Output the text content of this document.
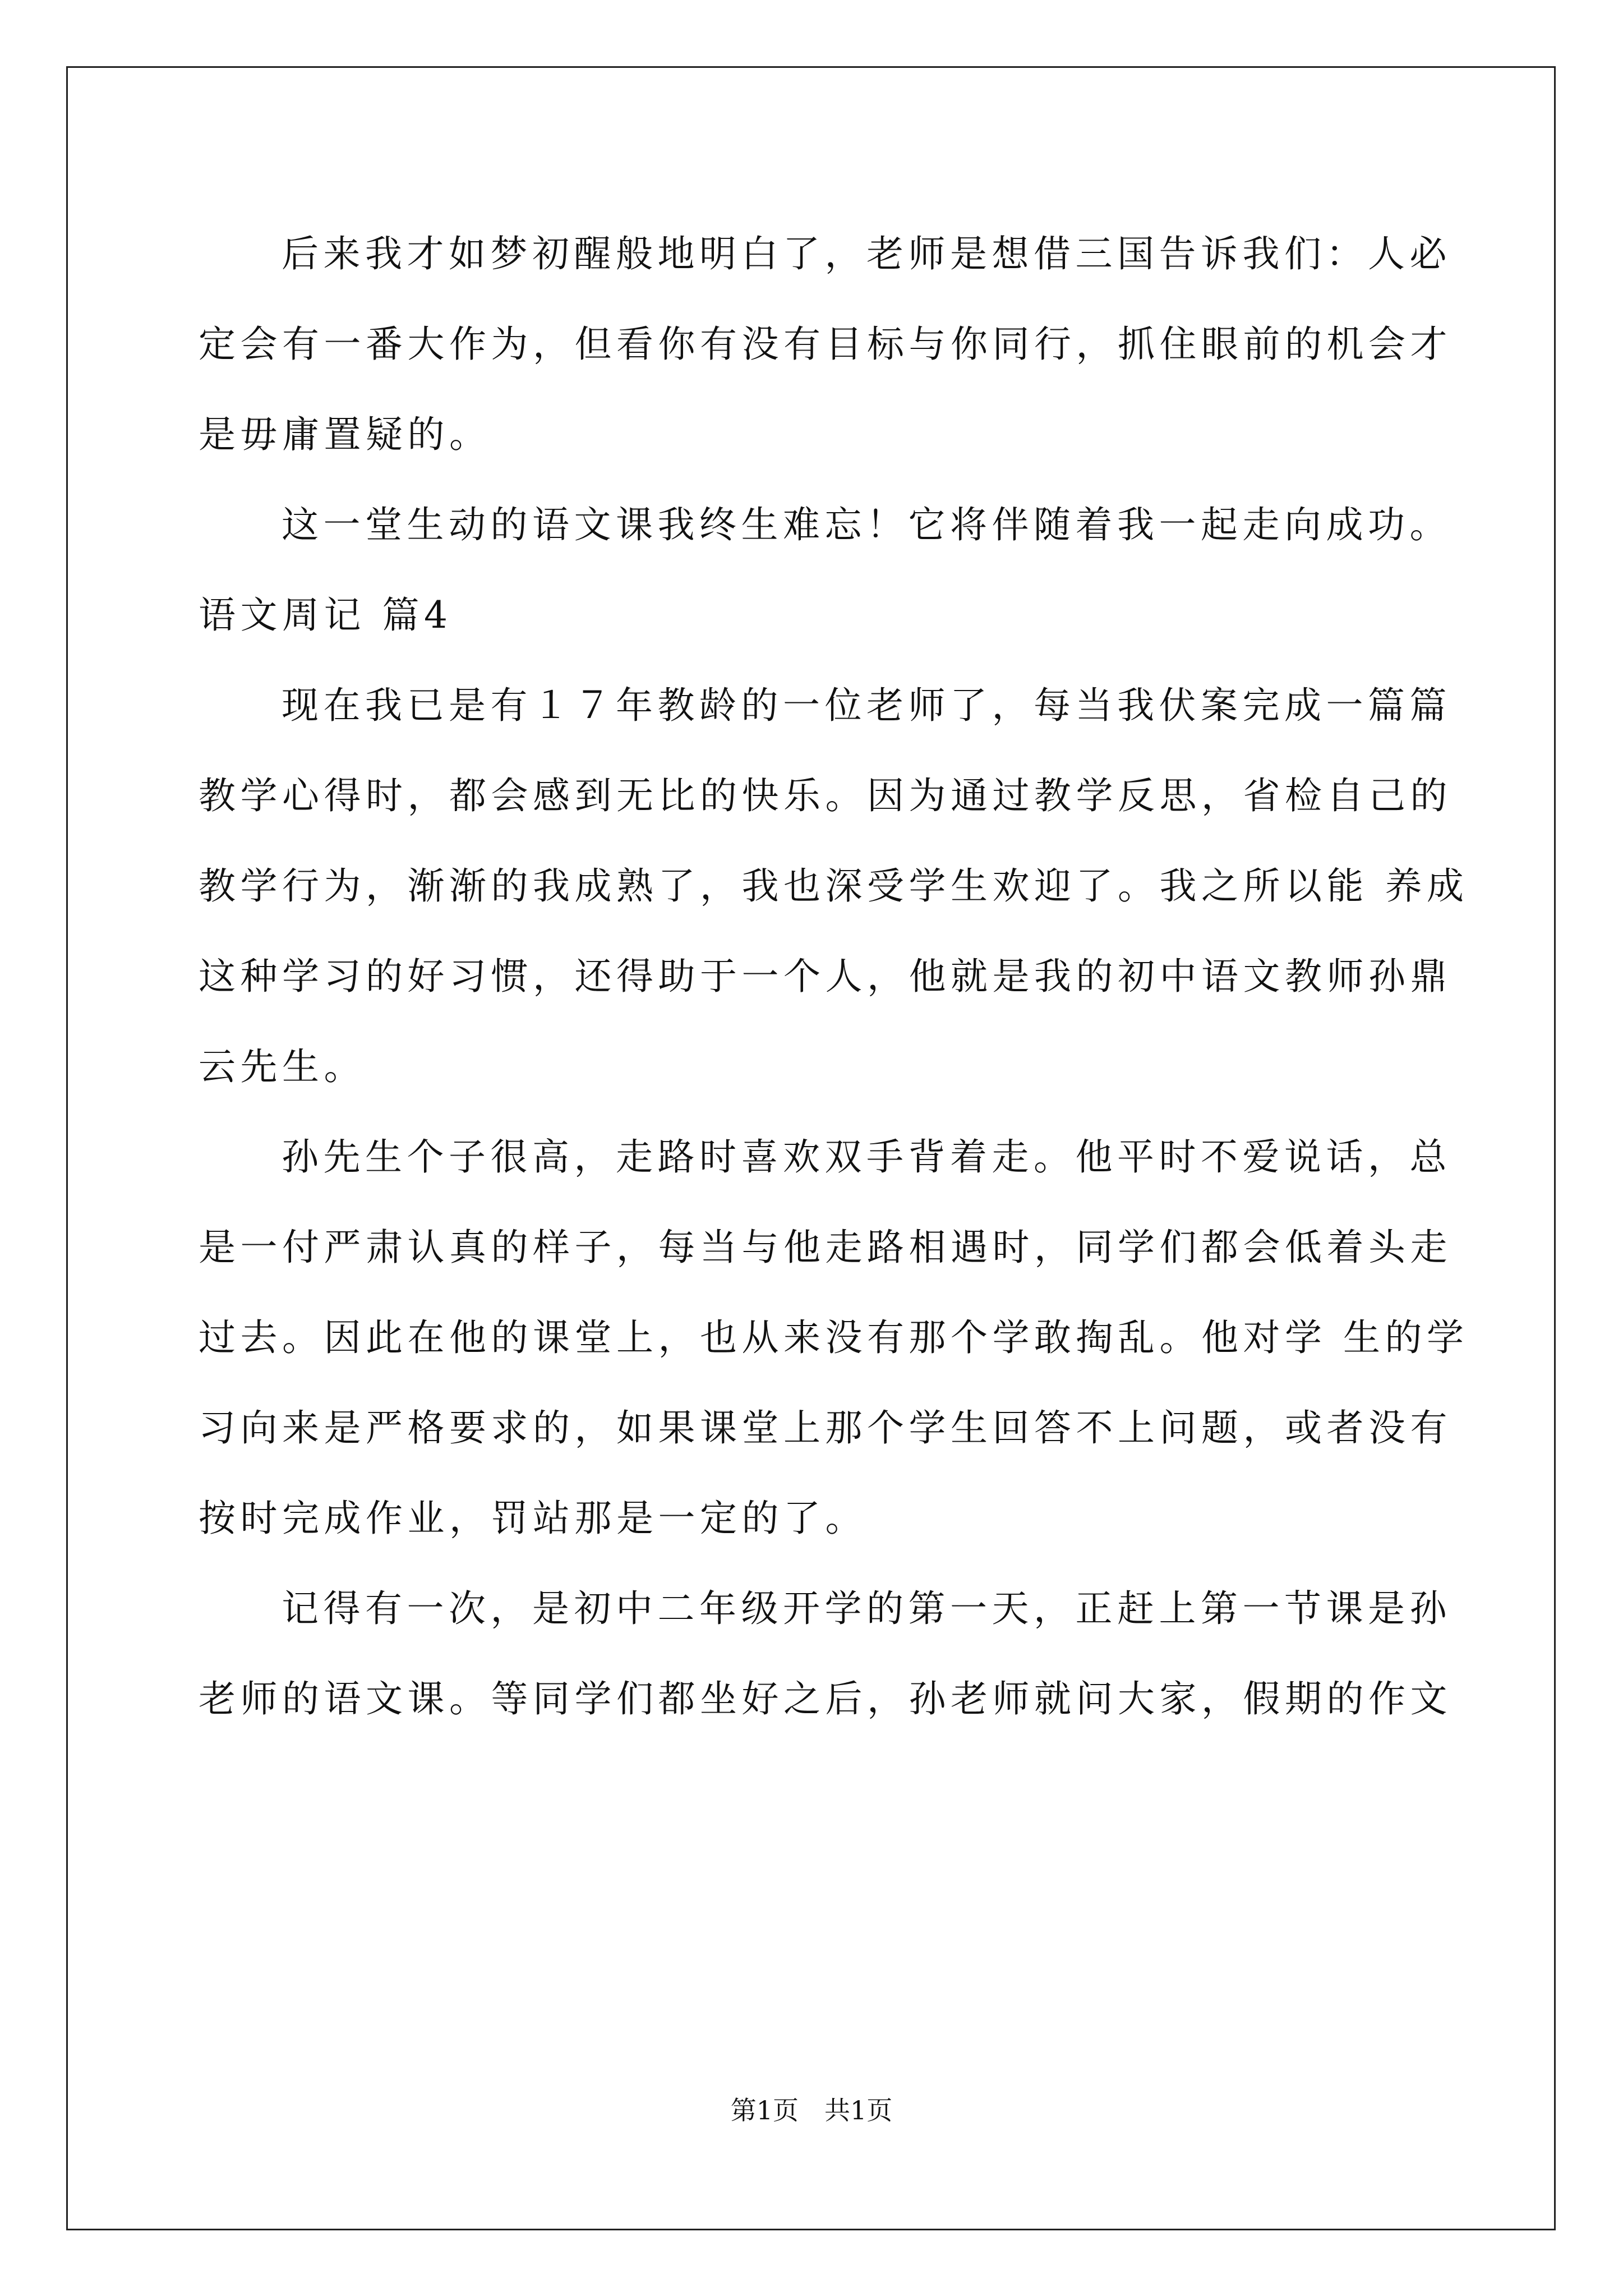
后来我才如梦初醒般地明白了，老师是想借三国告诉我们：人必

定会有一番大作为，但看你有没有目标与你同行，抓住眼前的机会才

是毋庸置疑的。

这一堂生动的语文课我终生难忘！它将伴随着我一起走向成功。

语文周记 篇4

现在我已是有１７年教龄的一位老师了，每当我伏案完成一篇篇

教学心得时，都会感到无比的快乐。因为通过教学反思，省检自己的

教学行为，渐渐的我成熟了，我也深受学生欢迎了。我之所以能 养成

这种学习的好习惯，还得助于一个人，他就是我的初中语文教师孙鼎

云先生。

孙先生个子很高，走路时喜欢双手背着走。他平时不爱说话，总

是一付严肃认真的样子，每当与他走路相遇时，同学们都会低着头走

过去。因此在他的课堂上，也从来没有那个学敢掏乱。他对学 生的学

习向来是严格要求的，如果课堂上那个学生回答不上问题，或者没有

按时完成作业，罚站那是一定的了。

记得有一次，是初中二年级开学的第一天，正赶上第一节课是孙

老师的语文课。等同学们都坐好之后，孙老师就问大家，假期的作文

第1页　共1页
